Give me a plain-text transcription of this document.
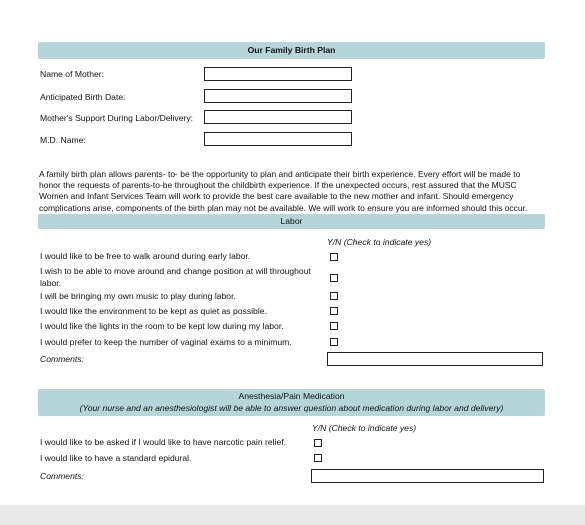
Our Family Birth Plan
Name of Mother:
Anticipated Birth Date:
Mother's Support During Labor/Delivery:
M.D. Name:
A family birth plan allows parents- to- be the opportunity to plan and anticipate their birth experience. Every effort will be made to
honor the requests of parents-to-be throughout the childbirth experience. If the unexpected occurs, rest assured that the MUSC
Women and Infant Services Team will work to provide the best care available to the new mother and infant. Should emergency
complications arise, components of the birth plan may not be available. We will work to ensure you are informed should this occur.
Labor
Y/N (Check to indicate yes)
I would like to be free to walk around during early labor.
I wish to be able to move around and change position at will throughout
labor.
I will be bringing my own music to play during labor.
I would like the environment to be kept as quiet as possible.
I would like the lights in the room to be kept low during my labor.
I would prefer to keep the number of vaginal exams to a minimum.
Comments:
Anesthesia/Pain Medication
(Your nurse and an anesthesiologist will be able to answer question about medication during labor and delivery)
Y/N (Check to indicate yes)
I would like to be asked if I would like to have narcotic pain relief.
I would like to have a standard epidural.
Comments:
